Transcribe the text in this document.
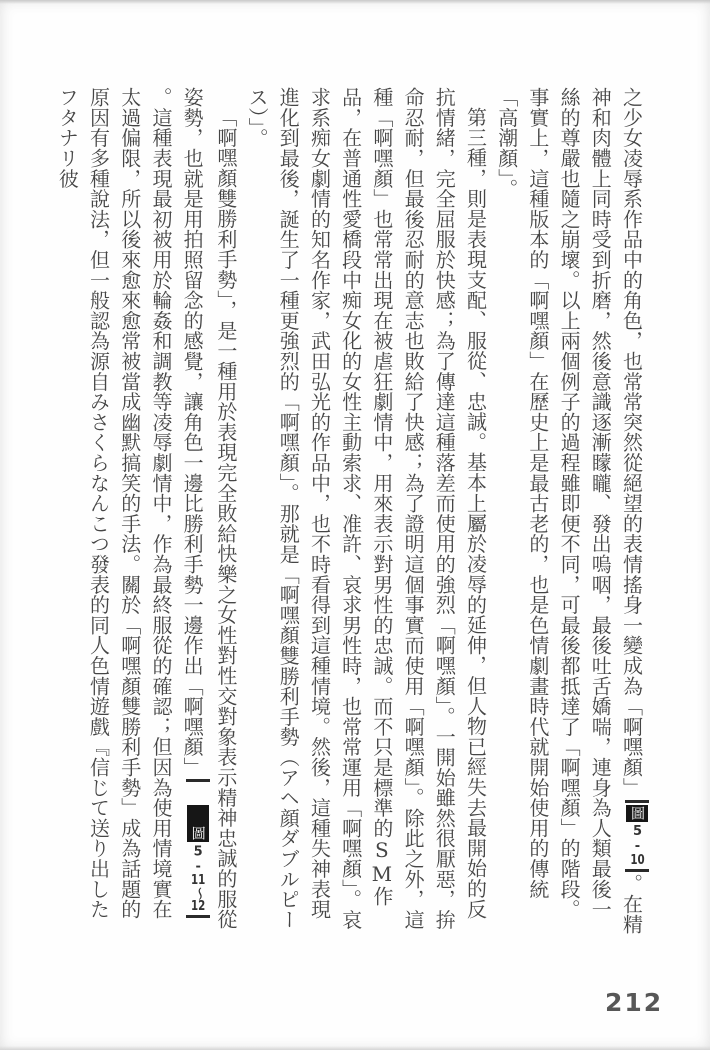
之少女凌辱系作品中的角色，也常常突然從絕望的表情搖身一變成為「啊嘿顏」圖5-10。在精神和肉體上同時受到折磨，然後意識逐漸矇矓、發出嗚咽，最後吐舌嬌喘，連身為人類最後一絲的尊嚴也隨之崩壞。以上兩個例子的過程雖即便不同，可最後都抵達了「啊嘿顏」的階段。事實上，這種版本的「啊嘿顏」在歷史上是最古老的，也是色情劇畫時代就開始使用的傳統「高潮顏」。

第三種，則是表現支配、服從、忠誠。基本上屬於凌辱的延伸，但人物已經失去最開始的反抗情緒，完全屈服於快感；為了傳達這種落差而使用的強烈「啊嘿顏」。一開始雖然很厭惡，拚命忍耐，但最後忍耐的意志也敗給了快感；為了證明這個事實而使用「啊嘿顏」。除此之外，這種「啊嘿顏」也常常出現在被虐狂劇情中，用來表示對男性的忠誠。而不只是標準的SM作品，在普通性愛橋段中痴女化的女性主動索求、准許、哀求男性時，也常常運用「啊嘿顏」。哀求系痴女劇情的知名作家，武田弘光的作品中，也不時看得到這種情境。然後，這種失神表現進化到最後，誕生了一種更強烈的「啊嘿顏」。那就是「啊嘿顏雙勝利手勢（アヘ顔ダブルピース）」。

「啊嘿顏雙勝利手勢」，是一種用於表現完全敗給快樂之女性對性交對象表示精神忠誠的服從姿勢，也就是用拍照留念的感覺，讓角色一邊比勝利手勢一邊作出「啊嘿顏」圖5-11～12。這種表現最初被用於輪姦和調教等凌辱劇情中，作為最終服從的確認；但因為使用情境實在太過偏限，所以後來愈來愈常被當成幽默搞笑的手法。關於「啊嘿顏雙勝利手勢」成為話題的原因有多種說法，但一般認為源自みさくらなんこつ發表的同人色情遊戲『信じて送り出したフタナリ彼

212
